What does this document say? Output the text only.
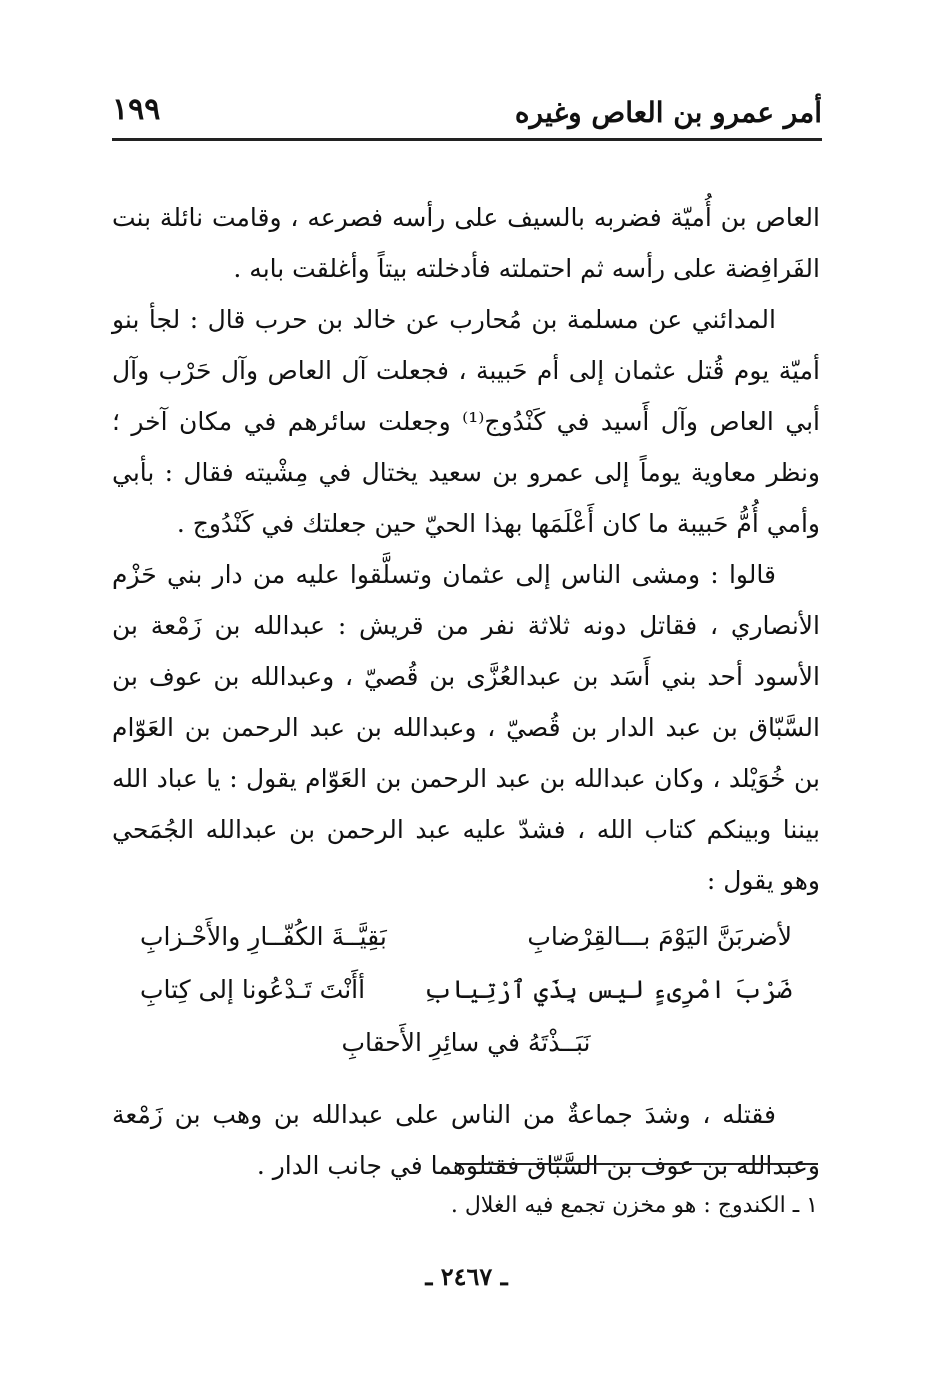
أمر عمرو بن العاص وغيره
١٩٩

العاص بن أُميّة فضربه بالسيف على رأسه فصرعه ، وقامت نائلة بنت الفَرافِضة على رأسه ثم احتملته فأدخلته بيتاً وأغلقت بابه .

المدائني عن مسلمة بن مُحارب عن خالد بن حرب قال : لجأ بنو أميّة يوم قُتل عثمان إلى أم حَبيبة ، فجعلت آل العاص وآل حَرْب وآل أبي العاص وآل أَسيد في كَنْدُوج⁽¹⁾ وجعلت سائرهم في مكان آخر ؛ ونظر معاوية يوماً إلى عمرو بن سعيد يختال في مِشْيته فقال : بأبي وأمي أُمُّ حَبيبة ما كان أَعْلَمَها بهذا الحيّ حين جعلتك في كَنْدُوج .

قالوا : ومشى الناس إلى عثمان وتسلَّقوا عليه من دار بني حَزْم الأنصاري ، فقاتل دونه ثلاثة نفر من قريش : عبدالله بن زَمْعة بن الأسود أحد بني أَسَد بن عبدالعُزَّى بن قُصيّ ، وعبدالله بن عوف بن السَّبّاق بن عبد الدار بن قُصيّ ، وعبدالله بن عبد الرحمن بن العَوّام بن خُوَيْلد ، وكان عبدالله بن عبد الرحمن بن العَوّام يقول : يا عباد الله بيننا وبينكم كتاب الله ، فشدّ عليه عبد الرحمن بن عبدالله الجُمَحي وهو يقول :

لأضربَنَّ اليَوْمَ بـــالقِرْضابِ
بَقِيَّــةَ الكُفّــارِ والأَحْـزابِ
ضَرْبَ امْرِىءٍ ليس بِذَي ٱرْتِيابِ
أأَنْتَ تَـدْعُونا إلى كِتابِ
نَبَــذْتَهُ في سائِرِ الأَحقابِ

فقتله ، وشدَ جماعةٌ من الناس على عبدالله بن وهب بن زَمْعة وعبدالله بن عوف بن السَّبّاق فقتلوهما في جانب الدار .

١ ـ الكندوج : هو مخزن تجمع فيه الغلال .
ـ ٢٤٦٧ ـ
